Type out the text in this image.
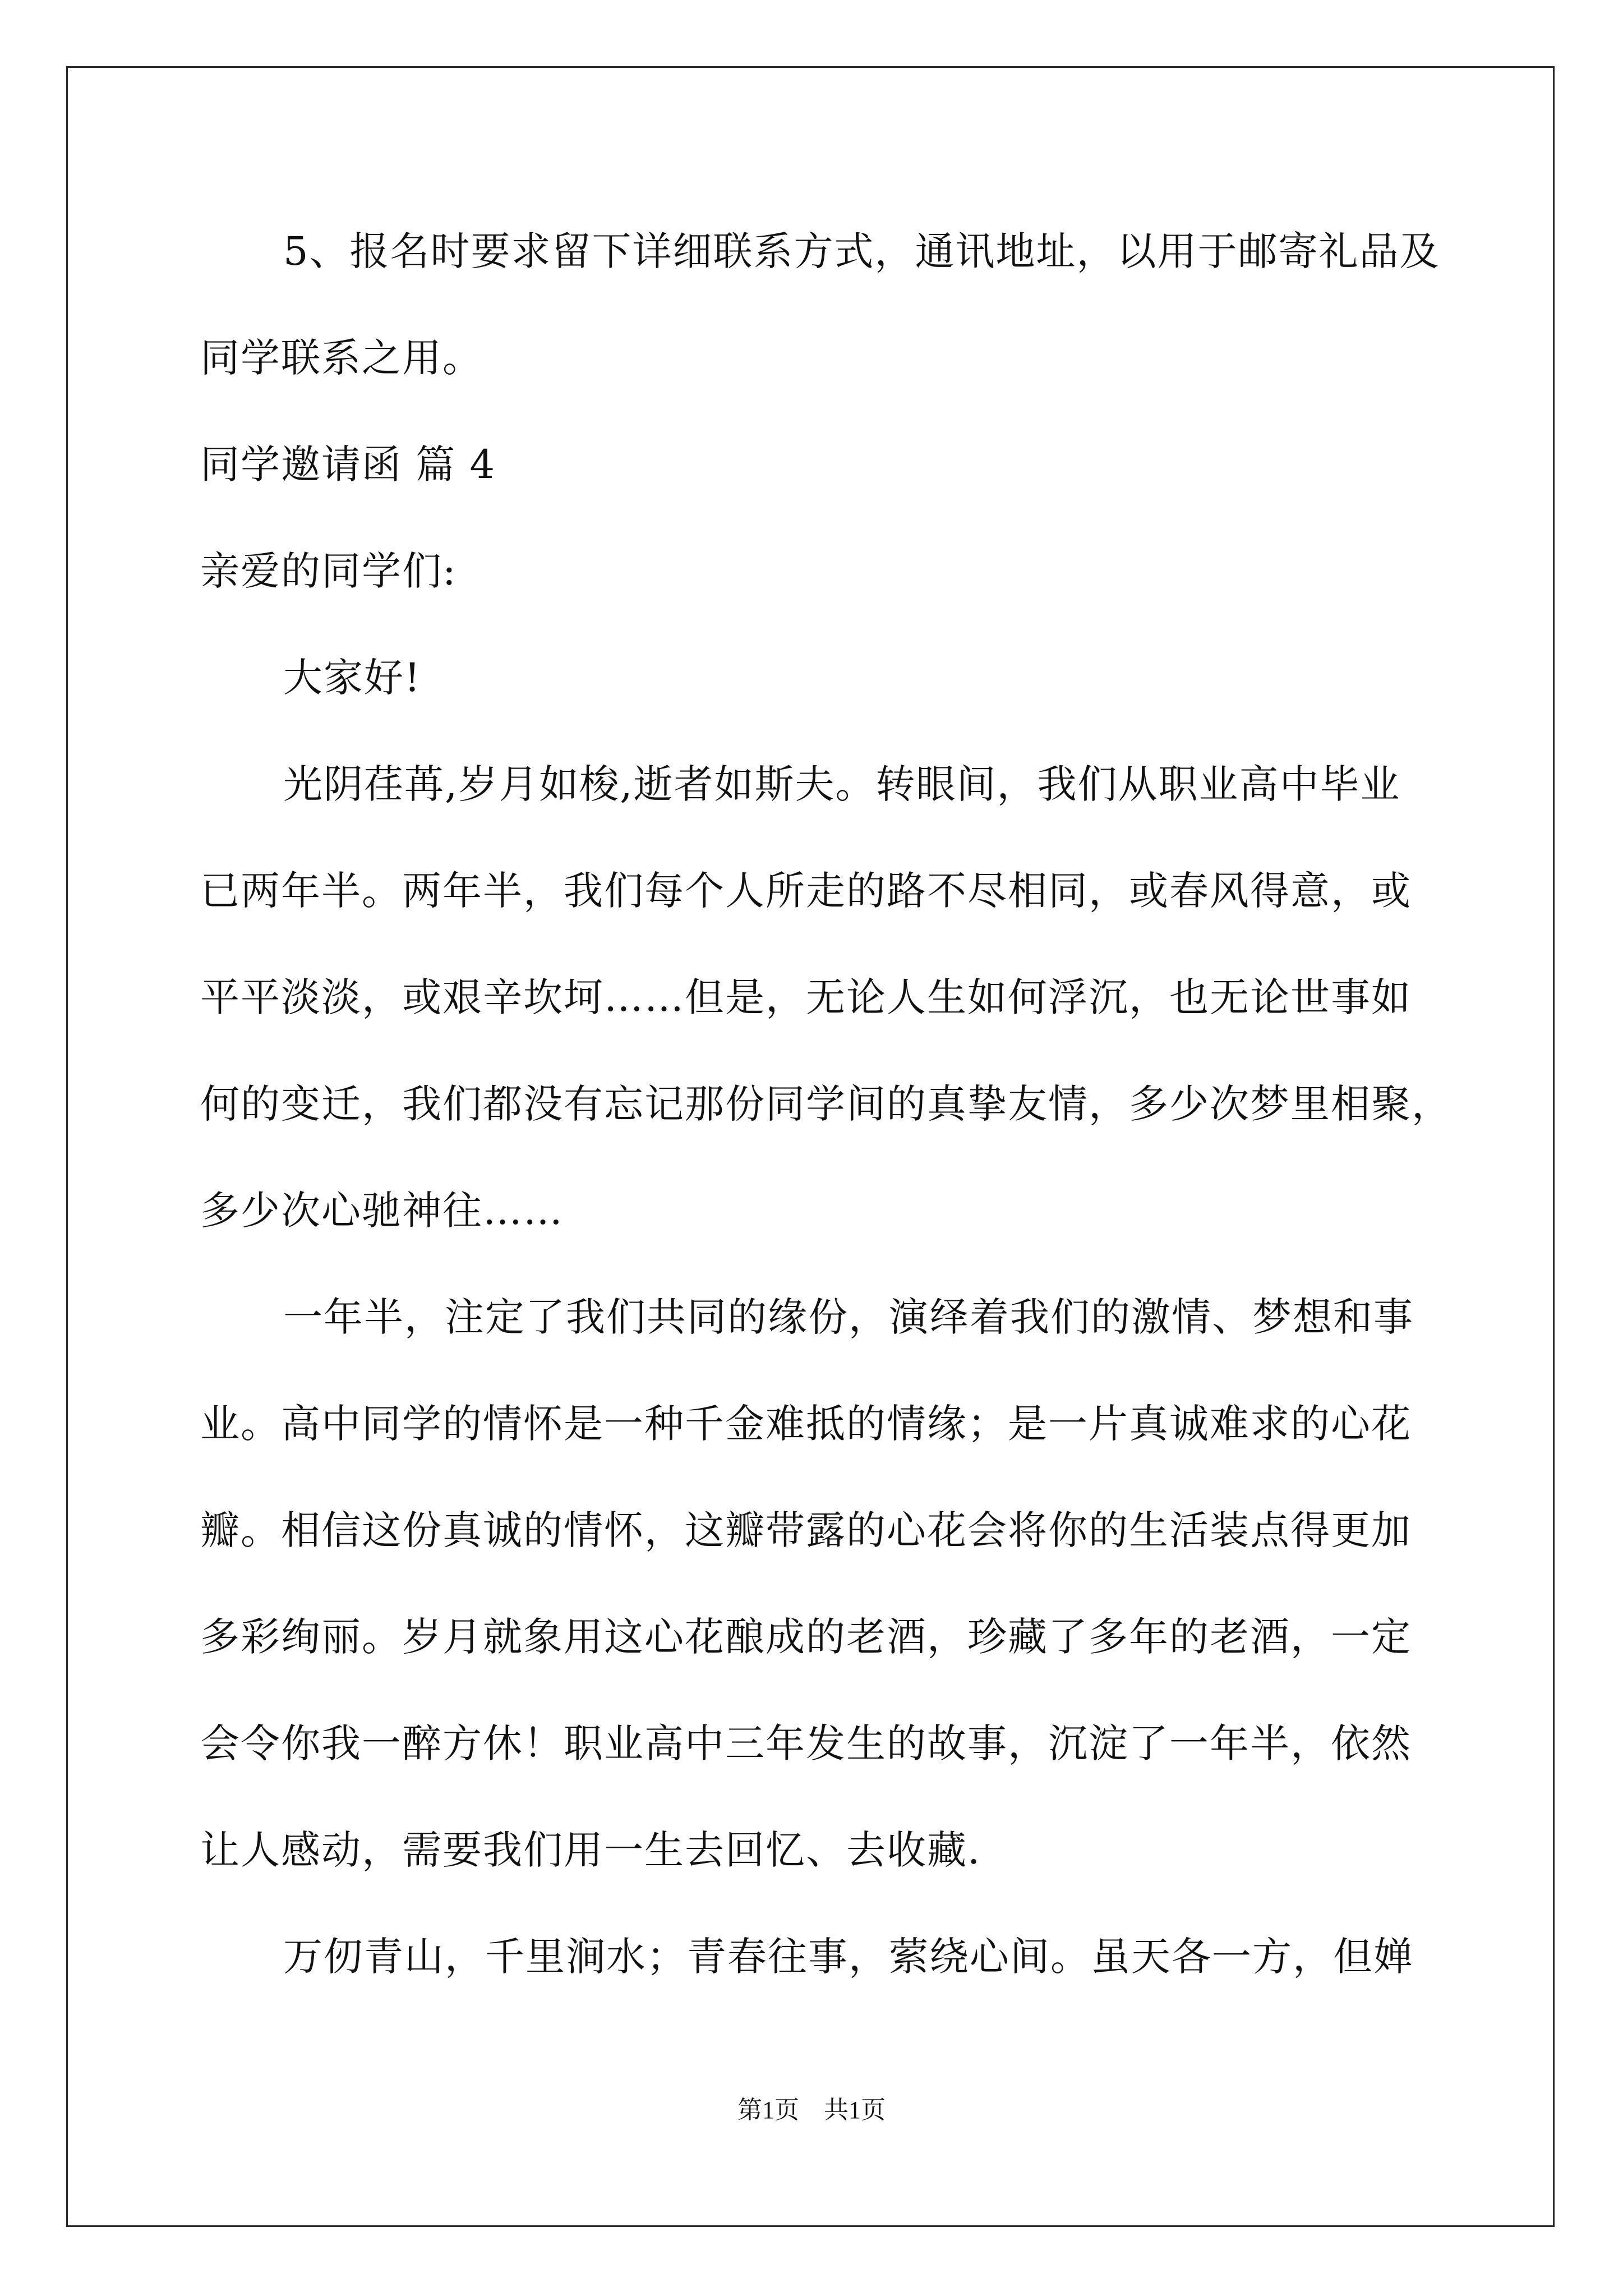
5、报名时要求留下详细联系方式，通讯地址，以用于邮寄礼品及
同学联系之用。
同学邀请函 篇 4
亲爱的同学们:
大家好!
光阴荏苒,岁月如梭,逝者如斯夫。转眼间，我们从职业高中毕业
已两年半。两年半，我们每个人所走的路不尽相同，或春风得意，或
平平淡淡，或艰辛坎坷……但是，无论人生如何浮沉，也无论世事如
何的变迁，我们都没有忘记那份同学间的真挚友情，多少次梦里相聚，
多少次心驰神往……
一年半，注定了我们共同的缘份，演绎着我们的激情、梦想和事
业。高中同学的情怀是一种千金难抵的情缘；是一片真诚难求的心花
瓣。相信这份真诚的情怀，这瓣带露的心花会将你的生活装点得更加
多彩绚丽。岁月就象用这心花酿成的老酒，珍藏了多年的老酒，一定
会令你我一醉方休！职业高中三年发生的故事，沉淀了一年半，依然
让人感动，需要我们用一生去回忆、去收藏.
万仞青山，千里涧水；青春往事，萦绕心间。虽天各一方，但婵
第1页　共1页
